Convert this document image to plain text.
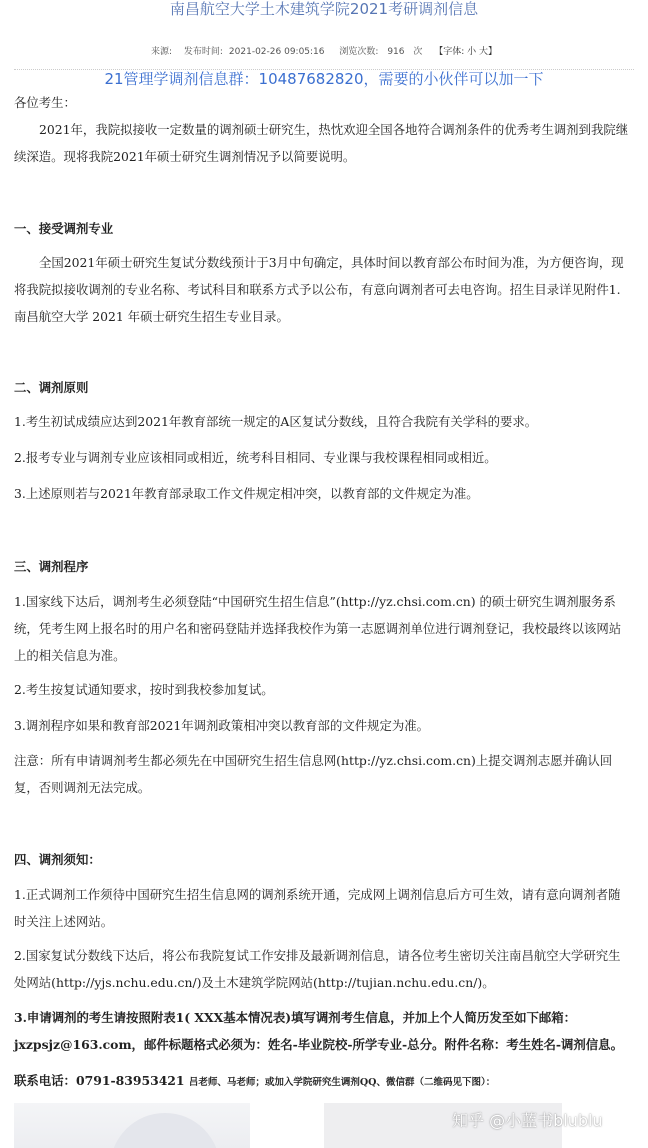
南昌航空大学土木建筑学院2021考研调剂信息
来源: 发布时间: 2021-02-26 09:05:16 浏览次数: 916 次 【字体: 小 大】
21管理学调剂信息群：10487682820，需要的小伙伴可以加一下

各位考生：

2021年，我院拟接收一定数量的调剂硕士研究生，热忱欢迎全国各地符合调剂条件的优秀考生调剂到我院继续深造。现将我院2021年硕士研究生调剂情况予以简要说明。

一、接受调剂专业

全国2021年硕士研究生复试分数线预计于3月中旬确定，具体时间以教育部公布时间为准，为方便咨询，现将我院拟接收调剂的专业名称、考试科目和联系方式予以公布，有意向调剂者可去电咨询。招生目录详见附件1.南昌航空大学 2021 年硕士研究生招生专业目录。

二、调剂原则

1.考生初试成绩应达到2021年教育部统一规定的A区复试分数线，且符合我院有关学科的要求。

2.报考专业与调剂专业应该相同或相近，统考科目相同、专业课与我校课程相同或相近。

3.上述原则若与2021年教育部录取工作文件规定相冲突，以教育部的文件规定为准。

三、调剂程序

1.国家线下达后，调剂考生必须登陆“中国研究生招生信息”(http://yz.chsi.com.cn) 的硕士研究生调剂服务系统，凭考生网上报名时的用户名和密码登陆并选择我校作为第一志愿调剂单位进行调剂登记，我校最终以该网站上的相关信息为准。

2.考生按复试通知要求，按时到我校参加复试。

3.调剂程序如果和教育部2021年调剂政策相冲突以教育部的文件规定为准。

注意：所有申请调剂考生都必须先在中国研究生招生信息网(http://yz.chsi.com.cn)上提交调剂志愿并确认回复，否则调剂无法完成。

四、调剂须知：

1.正式调剂工作须待中国研究生招生信息网的调剂系统开通，完成网上调剂信息后方可生效，请有意向调剂者随时关注上述网站。

2.国家复试分数线下达后，将公布我院复试工作安排及最新调剂信息，请各位考生密切关注南昌航空大学研究生处网站(http://yjs.nchu.edu.cn/)及土木建筑学院网站(http://tujian.nchu.edu.cn/)。

3.申请调剂的考生请按照附表1( XXX基本情况表)填写调剂考生信息，并加上个人简历发至如下邮箱：jxzpsjz@163.com，邮件标题格式必须为：姓名-毕业院校-所学专业-总分。附件名称：考生姓名-调剂信息。

联系电话：0791-83953421 吕老师、马老师；或加入学院研究生调剂QQ、微信群（二维码见下图）：

知乎 @小蓝书blublu
